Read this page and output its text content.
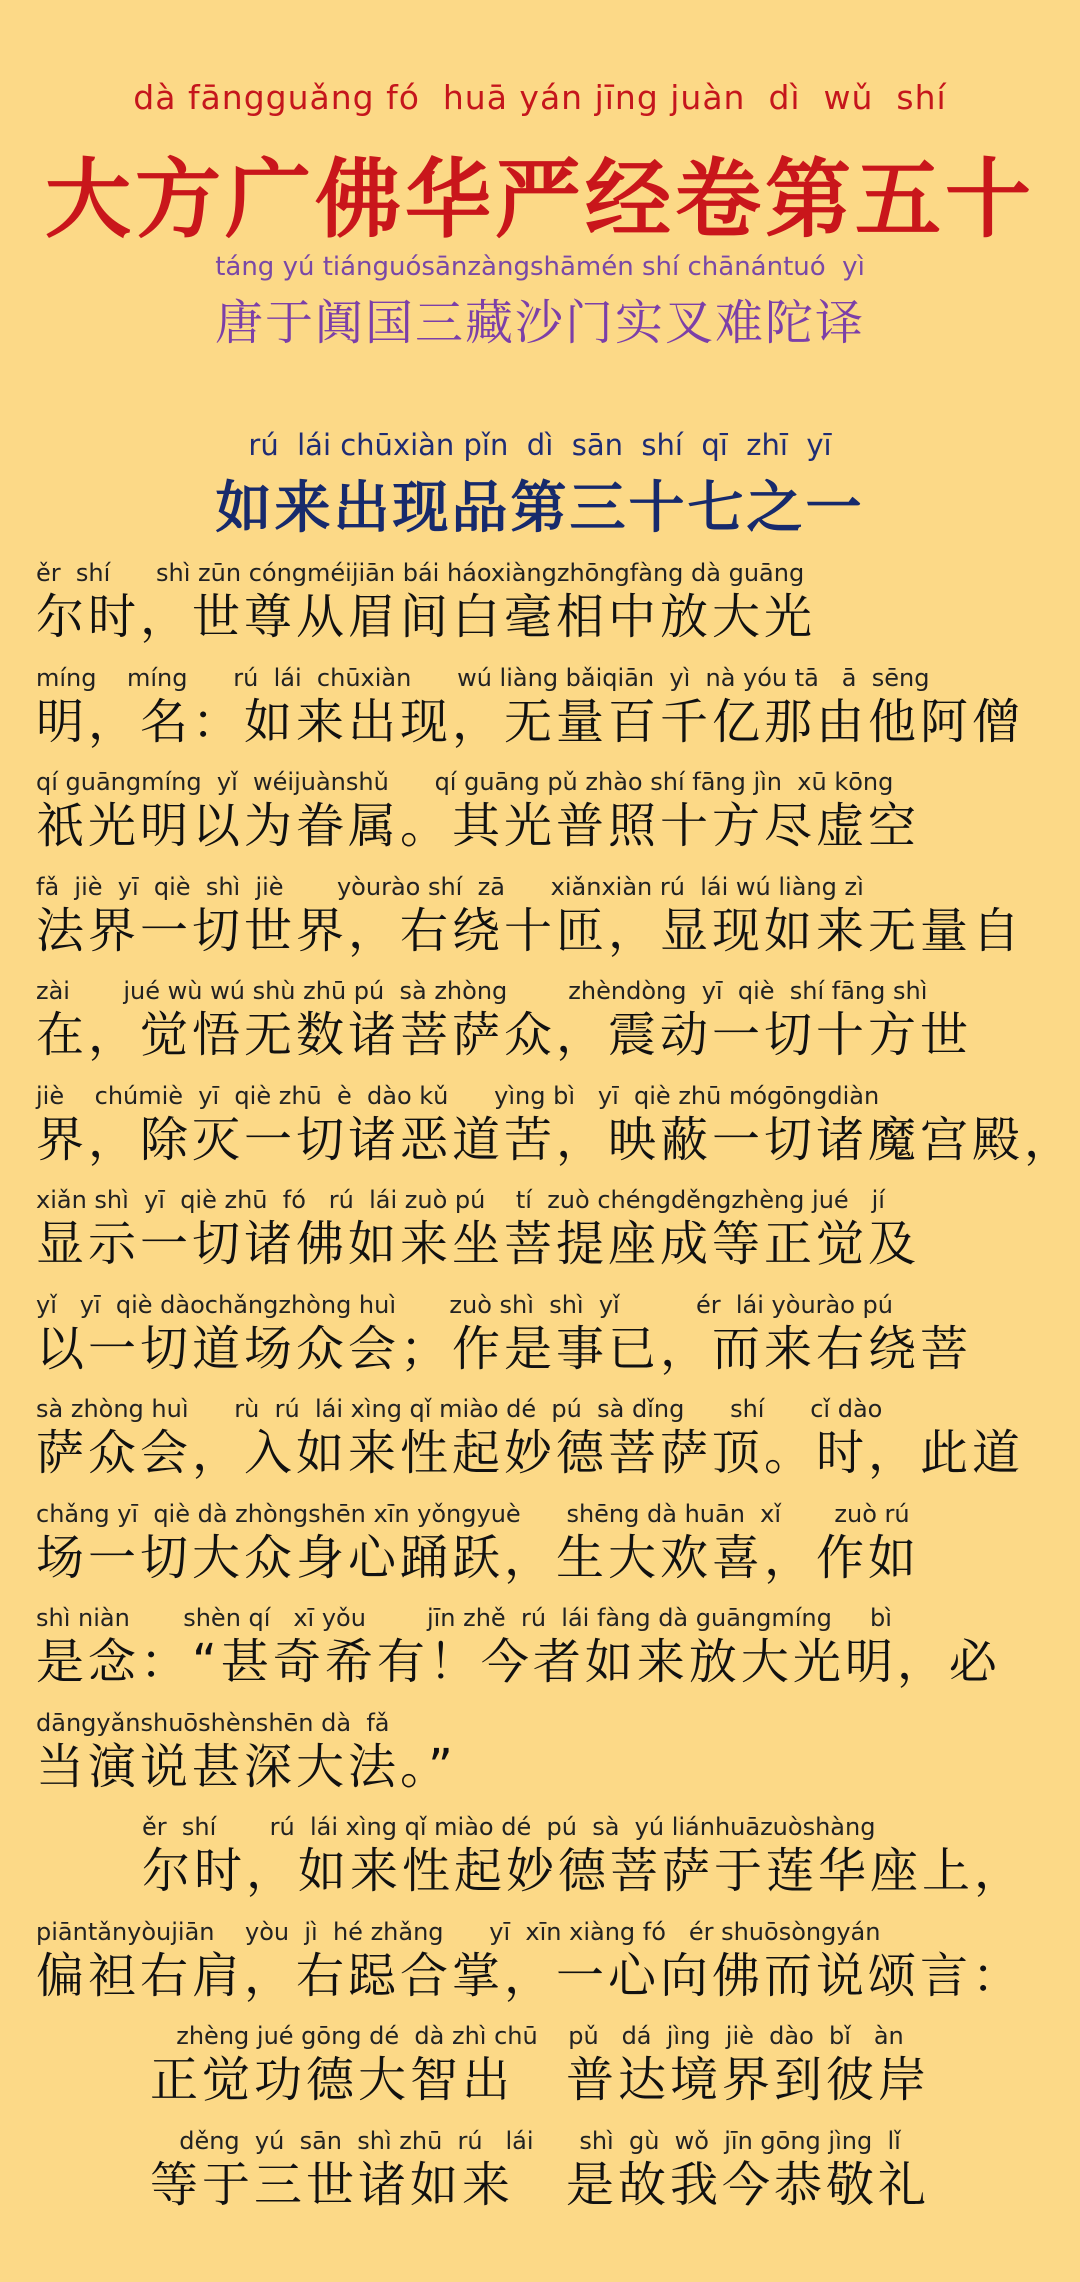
dà fāngguǎng fó  huā yán jīng juàn  dì  wǔ  shí
大方广佛华严经卷第五十
táng yú tiánguósānzàngshāmén shí chānántuó  yì
唐于阗国三藏沙门实叉难陀译
rú  lái chūxiàn pǐn  dì  sān  shí  qī  zhī  yī
如来出现品第三十七之一
ěr  shí      shì zūn cóngméijiān bái háoxiàngzhōngfàng dà guāng
尔时，世尊从眉间白毫相中放大光
míng    míng      rú  lái  chūxiàn      wú liàng bǎiqiān  yì  nà yóu tā   ā  sēng
明，名：如来出现，无量百千亿那由他阿僧
qí guāngmíng  yǐ  wéijuànshǔ      qí guāng pǔ zhào shí fāng jìn  xū kōng
祇光明以为眷属。其光普照十方尽虚空
fǎ  jiè  yī  qiè  shì  jiè       yòurào shí  zā      xiǎnxiàn rú  lái wú liàng zì
法界一切世界，右绕十匝，显现如来无量自
zài       jué wù wú shù zhū pú  sà zhòng        zhèndòng  yī  qiè  shí fāng shì
在，觉悟无数诸菩萨众，震动一切十方世
jiè    chúmiè  yī  qiè zhū  è  dào kǔ      yìng bì   yī  qiè zhū mógōngdiàn
界，除灭一切诸恶道苦，映蔽一切诸魔宫殿，
xiǎn shì  yī  qiè zhū  fó   rú  lái zuò pú    tí  zuò chéngděngzhèng jué   jí
显示一切诸佛如来坐菩提座成等正觉及
yǐ   yī  qiè dàochǎngzhòng huì       zuò shì  shì  yǐ          ér  lái yòurào pú
以一切道场众会；作是事已，而来右绕菩
sà zhòng huì      rù  rú  lái xìng qǐ miào dé  pú  sà dǐng      shí      cǐ dào
萨众会，入如来性起妙德菩萨顶。时，此道
chǎng yī  qiè dà zhòngshēn xīn yǒngyuè      shēng dà huān  xǐ       zuò rú
场一切大众身心踊跃，生大欢喜，作如
shì niàn       shèn qí   xī yǒu        jīn zhě  rú  lái fàng dà guāngmíng     bì
是念：“甚奇希有！今者如来放大光明，必
dāngyǎnshuōshènshēn dà  fǎ
当演说甚深大法。”
ěr  shí       rú  lái xìng qǐ miào dé  pú  sà  yú liánhuāzuòshàng
尔时，如来性起妙德菩萨于莲华座上，
piāntǎnyòujiān    yòu  jì  hé zhǎng      yī  xīn xiàng fó   ér shuōsòngyán
偏袒右肩，右跽合掌，一心向佛而说颂言：
zhèng jué gōng dé  dà zhì chū    pǔ   dá  jìng  jiè  dào  bǐ   àn
正觉功德大智出　普达境界到彼岸
děng  yú  sān  shì zhū  rú   lái      shì  gù  wǒ  jīn gōng jìng  lǐ
等于三世诸如来　是故我今恭敬礼
